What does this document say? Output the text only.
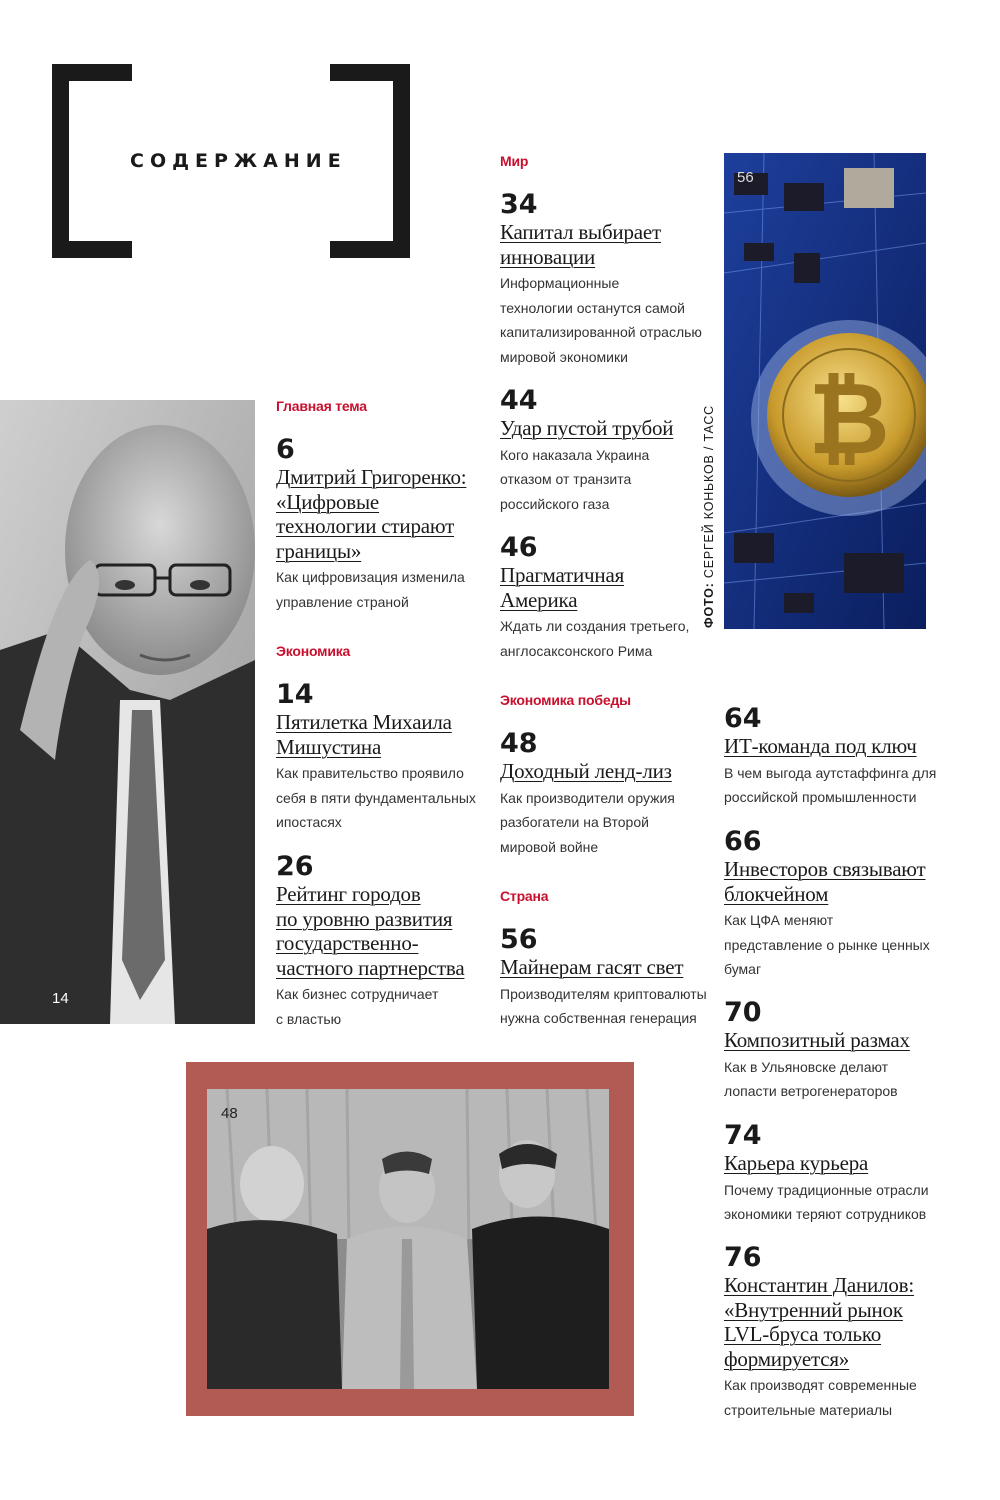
СОДЕРЖАНИЕ
14
₿
56
ФОТО: СЕРГЕЙ КОНЬКОВ / ТАСС
48
Главная тема
Экономика
Мир
Экономика победы
Страна
6
Дмитрий Григоренко:
«Цифровые
технологии стирают
границы»
Как цифровизация изменила
управление страной
14
Пятилетка Михаила
Мишустина
Как правительство проявило
себя в пяти фундаментальных
ипостасях
26
Рейтинг городов
по уровню развития
государственно-
частного партнерства
Как бизнес сотрудничает
с властью
34
Капитал выбирает
инновации
Информационные
технологии останутся самой
капитализированной отраслью
мировой экономики
44
Удар пустой трубой
Кого наказала Украина
отказом от транзита
российского газа
46
Прагматичная
Америка
Ждать ли создания третьего,
англосаксонского Рима
48
Доходный ленд-лиз
Как производители оружия
разбогатели на Второй
мировой войне
56
Майнерам гасят свет
Производителям криптовалюты
нужна собственная генерация
64
ИТ-команда под ключ
В чем выгода аутстаффинга для
российской промышленности
66
Инвесторов связывают
блокчейном
Как ЦФА меняют
представление о рынке ценных
бумаг
70
Композитный размах
Как в Ульяновске делают
лопасти ветрогенераторов
74
Карьера курьера
Почему традиционные отрасли
экономики теряют сотрудников
76
Константин Данилов:
«Внутренний рынок
LVL-бруса только
формируется»
Как производят современные
строительные материалы
